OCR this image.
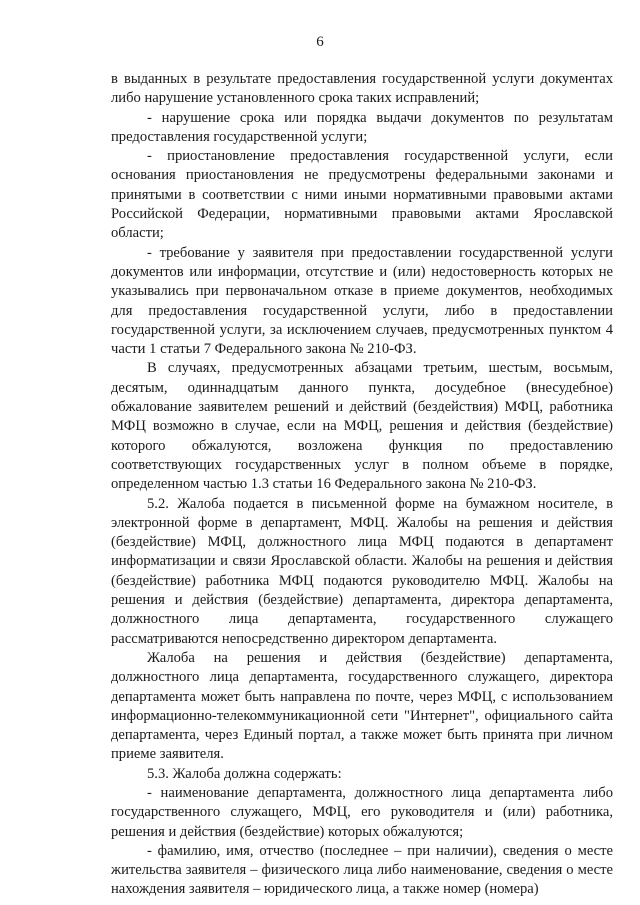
6

в выданных в результате предоставления государственной услуги документах либо нарушение установленного срока таких исправлений;

- нарушение срока или порядка выдачи документов по результатам предоставления государственной услуги;

- приостановление предоставления государственной услуги, если основания приостановления не предусмотрены федеральными законами и принятыми в соответствии с ними иными нормативными правовыми актами Российской Федерации, нормативными правовыми актами Ярославской области;

- требование у заявителя при предоставлении государственной услуги документов или информации, отсутствие и (или) недостоверность которых не указывались при первоначальном отказе в приеме документов, необходимых для предоставления государственной услуги, либо в предоставлении государственной услуги, за исключением случаев, предусмотренных пунктом 4 части 1 статьи 7 Федерального закона № 210-ФЗ.

В случаях, предусмотренных абзацами третьим, шестым, восьмым, десятым, одиннадцатым данного пункта, досудебное (внесудебное) обжалование заявителем решений и действий (бездействия) МФЦ, работника МФЦ возможно в случае, если на МФЦ, решения и действия (бездействие) которого обжалуются, возложена функция по предоставлению соответствующих государственных услуг в полном объеме в порядке, определенном частью 1.3 статьи 16 Федерального закона № 210-ФЗ.

5.2. Жалоба подается в письменной форме на бумажном носителе, в электронной форме в департамент, МФЦ. Жалобы на решения и действия (бездействие) МФЦ, должностного лица МФЦ подаются в департамент информатизации и связи Ярославской области. Жалобы на решения и действия (бездействие) работника МФЦ подаются руководителю МФЦ. Жалобы на решения и действия (бездействие) департамента, директора департамента, должностного лица департамента, государственного служащего рассматриваются непосредственно директором департамента.

Жалоба на решения и действия (бездействие) департамента, должностного лица департамента, государственного служащего, директора департамента может быть направлена по почте, через МФЦ, с использованием информационно-телекоммуникационной сети "Интернет", официального сайта департамента, через Единый портал, а также может быть принята при личном приеме заявителя.

5.3. Жалоба должна содержать:

- наименование департамента, должностного лица департамента либо государственного служащего, МФЦ, его руководителя и (или) работника, решения и действия (бездействие) которых обжалуются;

- фамилию, имя, отчество (последнее – при наличии), сведения о месте жительства заявителя – физического лица либо наименование, сведения о месте нахождения заявителя – юридического лица, а также номер (номера)
